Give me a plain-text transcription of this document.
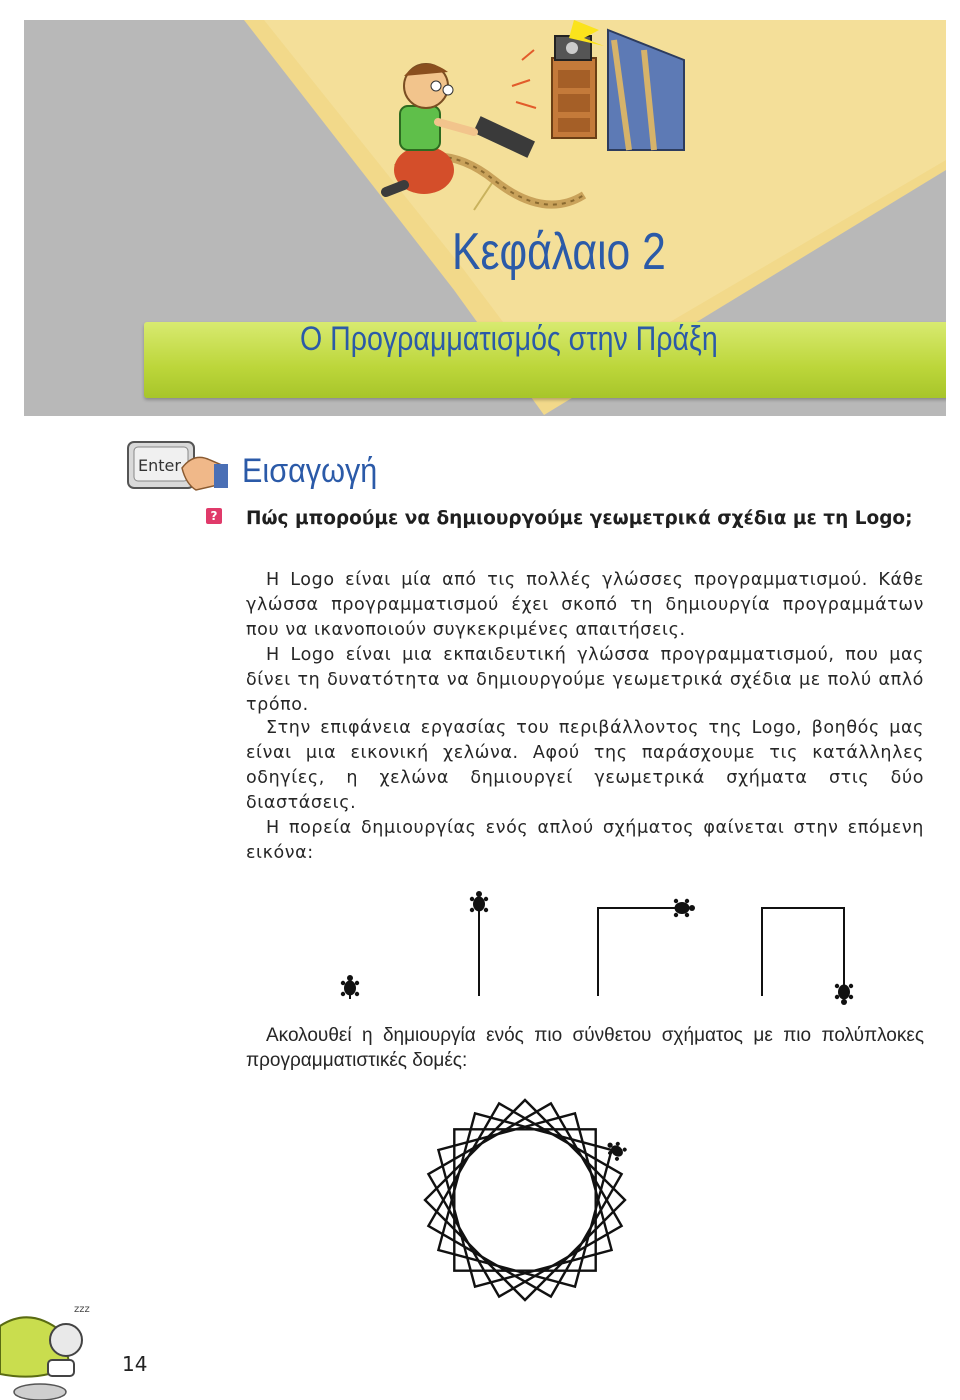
Κεφάλαιο 2
Ο Προγραμματισμός στην Πράξη
Enter Εισαγωγή
? Πώς μπορούμε να δημιουργούμε γεωμετρικά σχέδια με τη Logo;

Η Logo είναι μία από τις πολλές γλώσσες προγραμματισμού. Κάθε γλώσσα προγραμματισμού έχει σκοπό τη δημιουργία προγραμμάτων που να ικανοποιούν συγκεκριμένες απαιτήσεις.

Η Logo είναι μια εκπαιδευτική γλώσσα προγραμματισμού, που μας δίνει τη δυνατότητα να δημιουργούμε γεωμετρικά σχέδια με πολύ απλό τρόπο.

Στην επιφάνεια εργασίας του περιβάλλοντος της Logo, βοηθός μας είναι μια εικονική χελώνα. Αφού της παράσχουμε τις κατάλληλες οδηγίες, η χελώνα δημιουργεί γεωμετρικά σχήματα στις δύο διαστάσεις.

Η πορεία δημιουργίας ενός απλού σχήματος φαίνεται στην επόμενη εικόνα:

Ακολουθεί η δημιουργία ενός πιο σύνθετου σχήματος με πιο πολύπλοκες προγραμματιστικές δομές:

zzz
14
